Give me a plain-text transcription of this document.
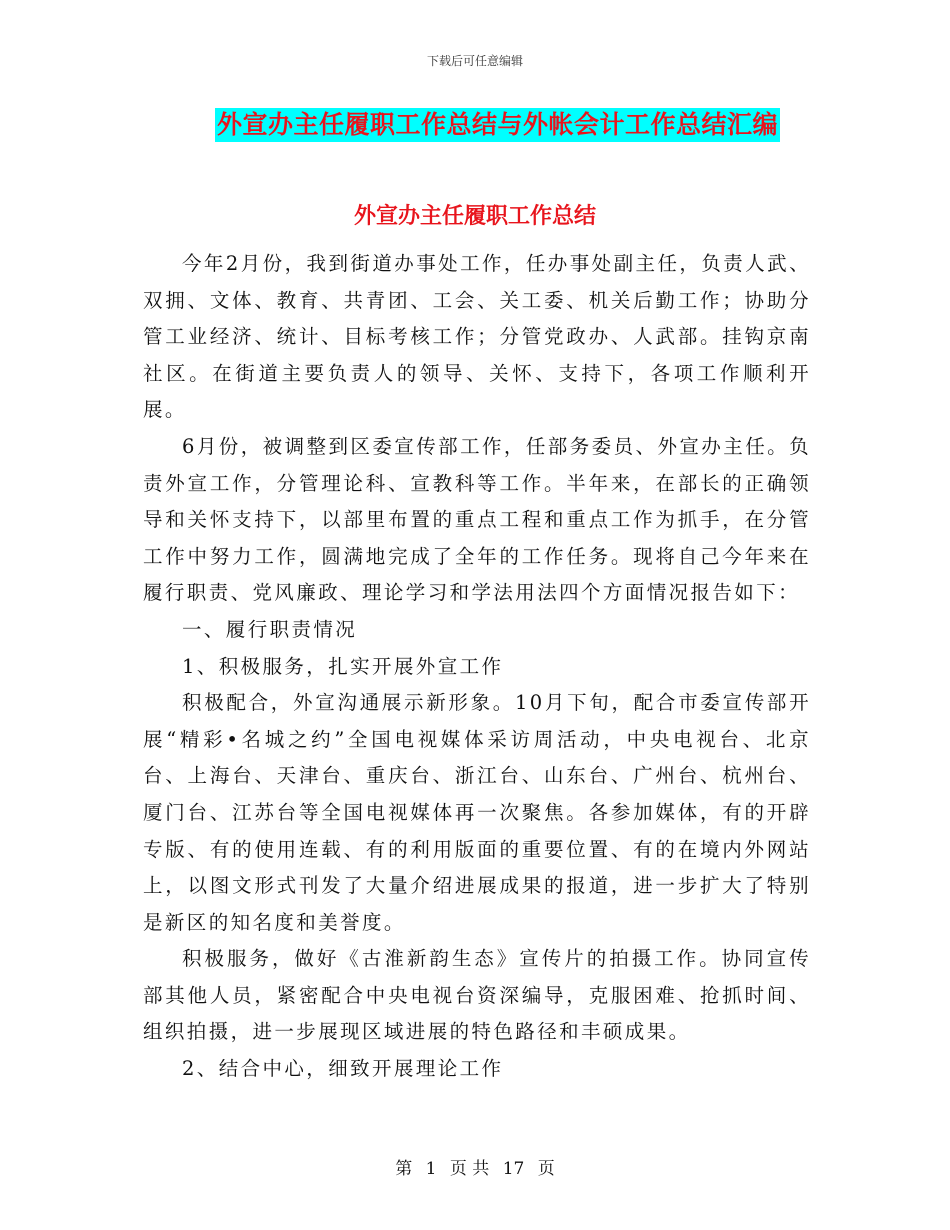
下载后可任意编辑
外宣办主任履职工作总结与外帐会计工作总结汇编
外宣办主任履职工作总结

今年2月份，我到街道办事处工作，任办事处副主任，负责人武、双拥、文体、教育、共青团、工会、关工委、机关后勤工作；协助分管工业经济、统计、目标考核工作；分管党政办、人武部。挂钩京南社区。在街道主要负责人的领导、关怀、支持下，各项工作顺利开展。

6月份，被调整到区委宣传部工作，任部务委员、外宣办主任。负责外宣工作，分管理论科、宣教科等工作。半年来，在部长的正确领导和关怀支持下，以部里布置的重点工程和重点工作为抓手，在分管工作中努力工作，圆满地完成了全年的工作任务。现将自己今年来在履行职责、党风廉政、理论学习和学法用法四个方面情况报告如下：

一、履行职责情况

1、积极服务，扎实开展外宣工作

积极配合，外宣沟通展示新形象。10月下旬，配合市委宣传部开展“精彩•名城之约”全国电视媒体采访周活动，中央电视台、北京台、上海台、天津台、重庆台、浙江台、山东台、广州台、杭州台、厦门台、江苏台等全国电视媒体再一次聚焦。各参加媒体，有的开辟专版、有的使用连载、有的利用版面的重要位置、有的在境内外网站上，以图文形式刊发了大量介绍进展成果的报道，进一步扩大了特别是新区的知名度和美誉度。

积极服务，做好《古淮新韵生态》宣传片的拍摄工作。协同宣传部其他人员，紧密配合中央电视台资深编导，克服困难、抢抓时间、组织拍摄，进一步展现区域进展的特色路径和丰硕成果。

2、结合中心，细致开展理论工作

第 1 页 共 17 页
